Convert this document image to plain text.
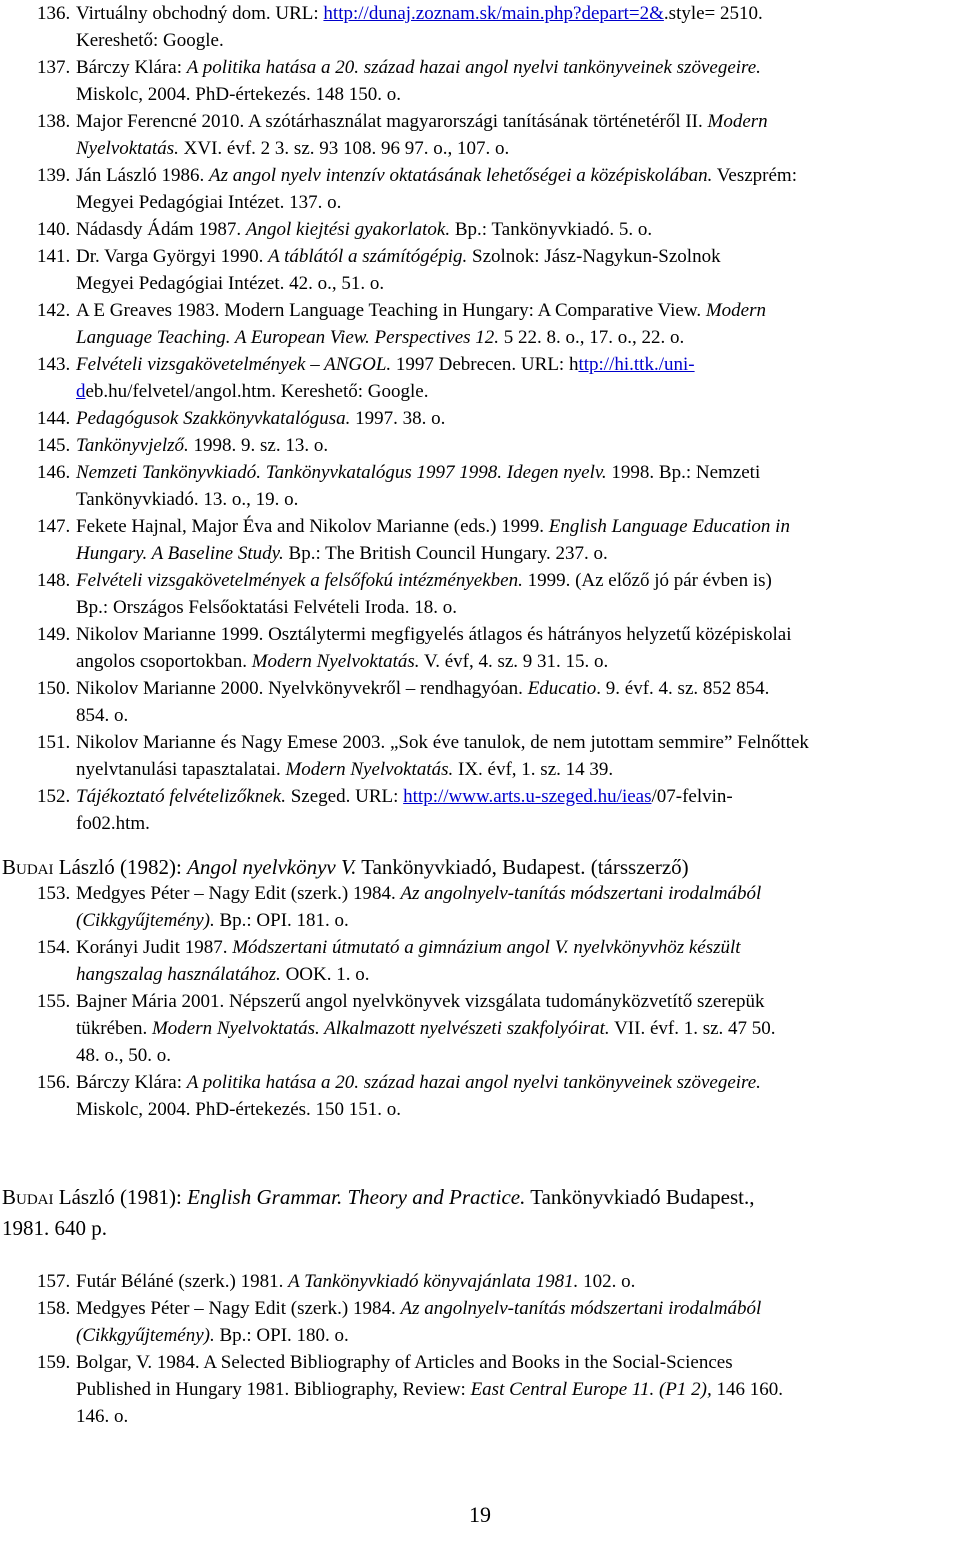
136. Virtuálny obchodný dom. URL: http://dunaj.zoznam.sk/main.php?depart=2&.style= 2510.
Kereshető: Google.
137. Bárczy Klára: A politika hatása a 20. század hazai angol nyelvi tankönyveinek szövegeire.
Miskolc, 2004. PhD-értekezés. 148 150. o.
138. Major Ferencné 2010. A szótárhasználat magyarországi tanításának történetéről II. Modern
Nyelvoktatás. XVI. évf. 2 3. sz. 93 108. 96 97. o., 107. o.
139. Ján László 1986. Az angol nyelv intenzív oktatásának lehetőségei a középiskolában. Veszprém:
Megyei Pedagógiai Intézet. 137. o.
140. Nádasdy Ádám 1987. Angol kiejtési gyakorlatok. Bp.: Tankönyvkiadó. 5. o.
141. Dr. Varga Györgyi 1990. A táblától a számítógépig. Szolnok: Jász-Nagykun-Szolnok
Megyei Pedagógiai Intézet. 42. o., 51. o.
142. A E Greaves 1983. Modern Language Teaching in Hungary: A Comparative View. Modern
Language Teaching. A European View. Perspectives 12. 5 22. 8. o., 17. o., 22. o.
143. Felvételi vizsgakövetelmények – ANGOL. 1997 Debrecen. URL: http://hi.ttk./uni-
deb.hu/felvetel/angol.htm. Kereshető: Google.
144. Pedagógusok Szakkönyvkatalógusa. 1997. 38. o.
145. Tankönyvjelző. 1998. 9. sz. 13. o.
146. Nemzeti Tankönyvkiadó. Tankönyvkatalógus 1997 1998. Idegen nyelv. 1998. Bp.: Nemzeti
Tankönyvkiadó. 13. o., 19. o.
147. Fekete Hajnal, Major Éva and Nikolov Marianne (eds.) 1999. English Language Education in
Hungary. A Baseline Study. Bp.: The British Council Hungary. 237. o.
148. Felvételi vizsgakövetelmények a felsőfokú intézményekben. 1999. (Az előző jó pár évben is)
Bp.: Országos Felsőoktatási Felvételi Iroda. 18. o.
149. Nikolov Marianne 1999. Osztálytermi megfigyelés átlagos és hátrányos helyzetű középiskolai
angolos csoportokban. Modern Nyelvoktatás. V. évf, 4. sz. 9 31. 15. o.
150. Nikolov Marianne 2000. Nyelvkönyvekről – rendhagyóan. Educatio. 9. évf. 4. sz. 852 854.
854. o.
151. Nikolov Marianne és Nagy Emese 2003. „Sok éve tanulok, de nem jutottam semmire” Felnőttek
nyelvtanulási tapasztalatai. Modern Nyelvoktatás. IX. évf, 1. sz. 14 39.
152. Tájékoztató felvételizőknek. Szeged. URL: http://www.arts.u-szeged.hu/ieas/07-felvin-
fo02.htm.
BUDAI László (1982): Angol nyelvkönyv V. Tankönyvkiadó, Budapest. (társszerző)
153. Medgyes Péter – Nagy Edit (szerk.) 1984. Az angolnyelv-tanítás módszertani irodalmából
(Cikkgyűjtemény). Bp.: OPI. 181. o.
154. Korányi Judit 1987. Módszertani útmutató a gimnázium angol V. nyelvkönyvhöz készült
hangszalag használatához. OOK. 1. o.
155. Bajner Mária 2001. Népszerű angol nyelvkönyvek vizsgálata tudományközvetítő szerepük
tükrében. Modern Nyelvoktatás. Alkalmazott nyelvészeti szakfolyóirat. VII. évf. 1. sz. 47 50.
48. o., 50. o.
156. Bárczy Klára: A politika hatása a 20. század hazai angol nyelvi tankönyveinek szövegeire.
Miskolc, 2004. PhD-értekezés. 150 151. o.
BUDAI László (1981): English Grammar. Theory and Practice. Tankönyvkiadó Budapest.,
1981. 640 p.
157. Futár Béláné (szerk.) 1981. A Tankönyvkiadó könyvajánlata 1981. 102. o.
158. Medgyes Péter – Nagy Edit (szerk.) 1984. Az angolnyelv-tanítás módszertani irodalmából
(Cikkgyűjtemény). Bp.: OPI. 180. o.
159. Bolgar, V. 1984. A Selected Bibliography of Articles and Books in the Social-Sciences
Published in Hungary 1981. Bibliography, Review: East Central Europe 11. (P1 2), 146 160.
146. o.
19
